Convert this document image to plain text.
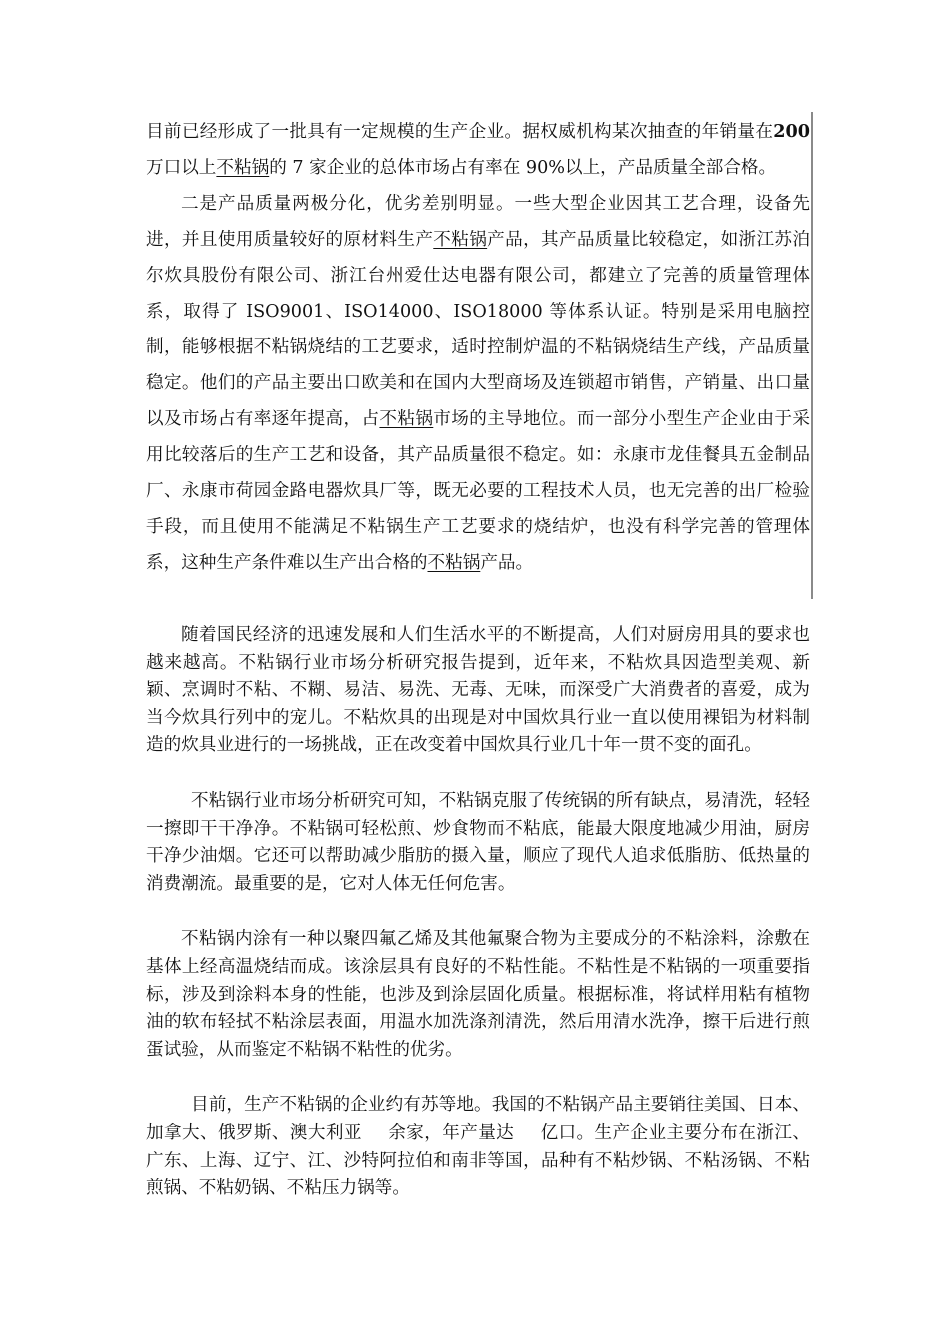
目前已经形成了一批具有一定规模的生产企业。据权威机构某次抽查的年销量在200 万口以上不粘锅的 7 家企业的总体市场占有率在 90%以上，产品质量全部合格。

二是产品质量两极分化，优劣差别明显。一些大型企业因其工艺合理，设备先进，并且使用质量较好的原材料生产不粘锅产品，其产品质量比较稳定，如浙江苏泊尔炊具股份有限公司、浙江台州爱仕达电器有限公司，都建立了完善的质量管理体系，取得了 ISO9001、ISO14000、ISO18000 等体系认证。特别是采用电脑控制，能够根据不粘锅烧结的工艺要求，适时控制炉温的不粘锅烧结生产线，产品质量稳定。他们的产品主要出口欧美和在国内大型商场及连锁超市销售，产销量、出口量以及市场占有率逐年提高，占不粘锅市场的主导地位。而一部分小型生产企业由于采用比较落后的生产工艺和设备，其产品质量很不稳定。如：永康市龙佳餐具五金制品厂、永康市荷园金路电器炊具厂等，既无必要的工程技术人员，也无完善的出厂检验手段，而且使用不能满足不粘锅生产工艺要求的烧结炉，也没有科学完善的管理体系，这种生产条件难以生产出合格的不粘锅产品。

随着国民经济的迅速发展和人们生活水平的不断提高，人们对厨房用具的要求也越来越高。不粘锅行业市场分析研究报告提到，近年来，不粘炊具因造型美观、新颖、烹调时不粘、不糊、易洁、易洗、无毒、无味，而深受广大消费者的喜爱，成为当今炊具行列中的宠儿。不粘炊具的出现是对中国炊具行业一直以使用裸铝为材料制造的炊具业进行的一场挑战，正在改变着中国炊具行业几十年一贯不变的面孔。

不粘锅行业市场分析研究可知，不粘锅克服了传统锅的所有缺点，易清洗，轻轻一擦即干干净净。不粘锅可轻松煎、炒食物而不粘底，能最大限度地减少用油，厨房干净少油烟。它还可以帮助减少脂肪的摄入量，顺应了现代人追求低脂肪、低热量的消费潮流。最重要的是，它对人体无任何危害。

不粘锅内涂有一种以聚四氟乙烯及其他氟聚合物为主要成分的不粘涂料，涂敷在基体上经高温烧结而成。该涂层具有良好的不粘性能。不粘性是不粘锅的一项重要指标，涉及到涂料本身的性能，也涉及到涂层固化质量。根据标准，将试样用粘有植物油的软布轻拭不粘涂层表面，用温水加洗涤剂清洗，然后用清水洗净，擦干后进行煎蛋试验，从而鉴定不粘锅不粘性的优劣。

目前，生产不粘锅的企业约有苏等地。我国的不粘锅产品主要销往美国、日本、加拿大、俄罗斯、澳大利亚 余家，年产量达 亿口。生产企业主要分布在浙江、广东、上海、辽宁、江、沙特阿拉伯和南非等国，品种有不粘炒锅、不粘汤锅、不粘煎锅、不粘奶锅、不粘压力锅等。
